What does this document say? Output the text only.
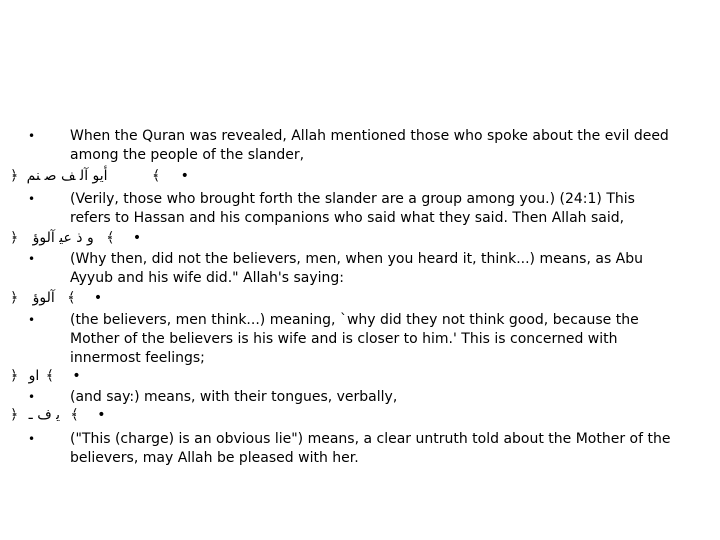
• When the Quran was revealed, Allah mentioned those who spoke about the evil deed among the people of the slander,
﴿ ﺃﻳﻮ ﺁﻟ ﻒ ﺻ ﻨﻢ	﴾ •
• (Verily, those who brought forth the slander are a group among you.) (24:1) This refers to Hassan and his companions who said what they said. Then Allah said,
﴿ ﻭ ﺫ ﻋﻴ ﺁﻟﻮﺅ ﴾ •
• (Why then, did not the believers, men, when you heard it, think...) means, as Abu Ayyub and his wife did." Allah's saying:
﴿ ﺁﻟﻮﺅ ﴾ •
• (the believers, men think...) meaning, `why did they not think good, because the Mother of the believers is his wife and is closer to him.' This is concerned with innermost feelings;
﴿ ﺍﻭ ﴾ •
• (and say:) means, with their tongues, verbally,
﴿ ﻳ ﻑ ـ ﴾ •
• ("This (charge) is an obvious lie") means, a clear untruth told about the Mother of the believers, may Allah be pleased with her.
